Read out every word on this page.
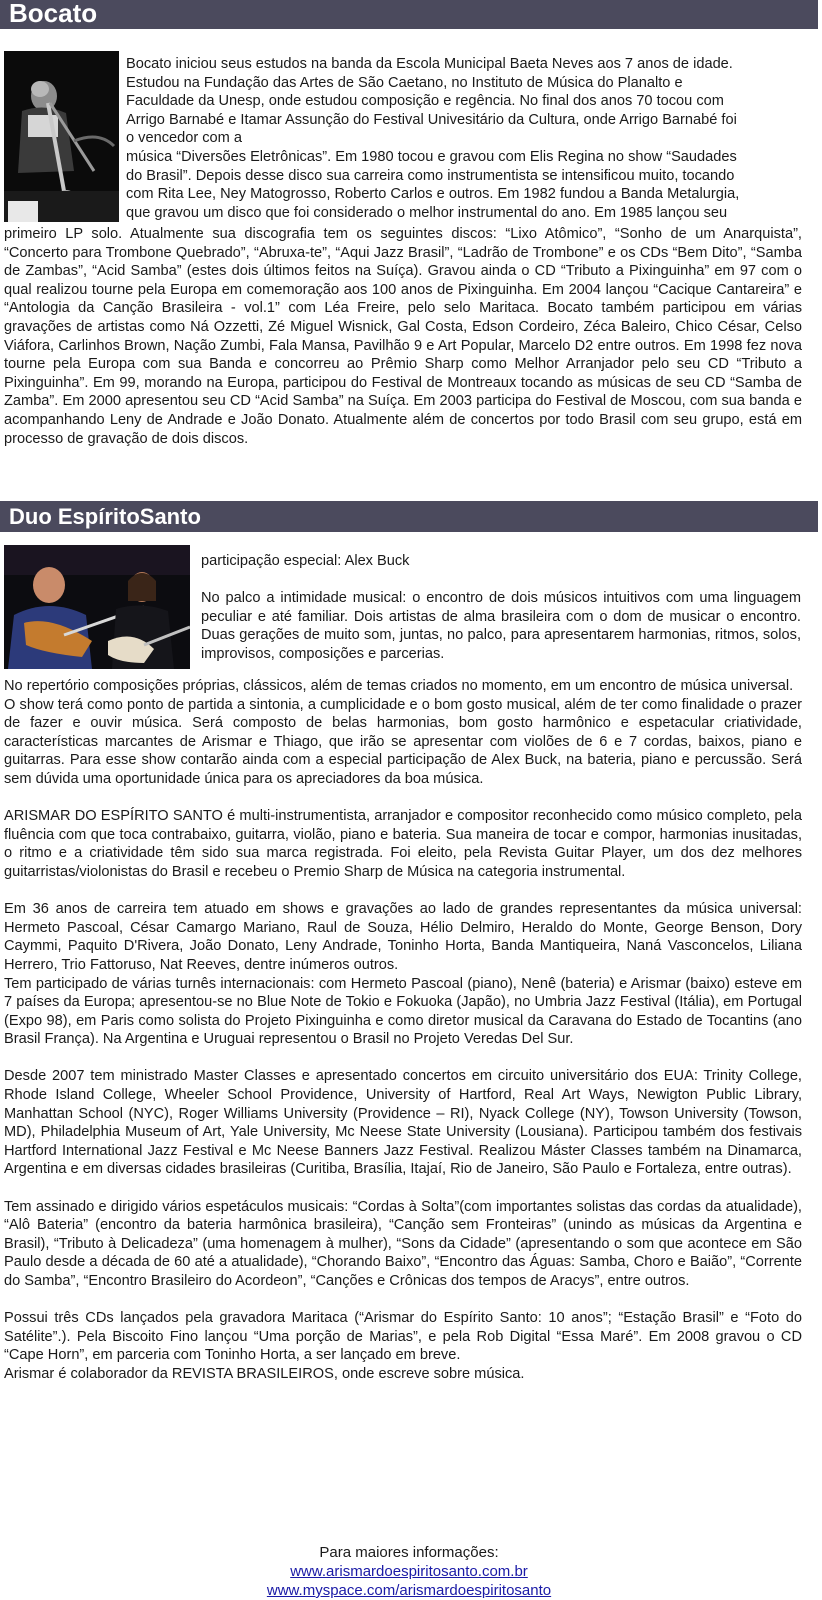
Bocato
Bocato iniciou seus estudos na banda da Escola Municipal Baeta Neves aos 7 anos de idade.
Estudou na Fundação das Artes de São Caetano, no Instituto de Música do Planalto e
Faculdade da Unesp, onde estudou composição e regência. No final dos anos 70 tocou com
Arrigo Barnabé e Itamar Assunção do Festival Univesitário da Cultura, onde Arrigo Barnabé foi
o vencedor com a
música “Diversões Eletrônicas”. Em 1980 tocou e gravou com Elis Regina no show “Saudades
do Brasil”. Depois desse disco sua carreira como instrumentista se intensificou muito, tocando
com Rita Lee, Ney Matogrosso, Roberto Carlos e outros. Em 1982 fundou a Banda Metalurgia,
que gravou um disco que foi considerado o melhor instrumental do ano. Em 1985 lançou seu

primeiro LP solo. Atualmente sua discografia tem os seguintes discos: “Lixo Atômico”, “Sonho de um Anarquista”, “Concerto para Trombone Quebrado”, “Abruxa-te”, “Aqui Jazz Brasil”, “Ladrão de Trombone” e os CDs “Bem Dito”, “Samba de Zambas”, “Acid Samba” (estes dois últimos feitos na Suíça). Gravou ainda o CD “Tributo a Pixinguinha” em 97 com o qual realizou tourne pela Europa em comemoração aos 100 anos de Pixinguinha. Em 2004 lançou “Cacique Cantareira” e “Antologia da Canção Brasileira - vol.1” com Léa Freire, pelo selo Maritaca. Bocato também participou em várias gravações de artistas como Ná Ozzetti, Zé Miguel Wisnick, Gal Costa, Edson Cordeiro, Zéca Baleiro, Chico César, Celso Viáfora, Carlinhos Brown, Nação Zumbi, Fala Mansa, Pavilhão 9 e Art Popular, Marcelo D2 entre outros. Em 1998 fez nova tourne pela Europa com sua Banda e concorreu ao Prêmio Sharp como Melhor Arranjador pelo seu CD “Tributo a Pixinguinha”. Em 99, morando na Europa, participou do Festival de Montreaux tocando as músicas de seu CD “Samba de Zamba”. Em 2000 apresentou seu CD “Acid Samba” na Suíça. Em 2003 participa do Festival de Moscou, com sua banda e acompanhando Leny de Andrade e João Donato. Atualmente além de concertos por todo Brasil com seu grupo, está em processo de gravação de dois discos.

Duo EspíritoSanto
participação especial: Alex Buck

No palco a intimidade musical: o encontro de dois músicos intuitivos com uma linguagem peculiar e até familiar. Dois artistas de alma brasileira com o dom de musicar o encontro. Duas gerações de muito som, juntas, no palco, para apresentarem harmonias, ritmos, solos, improvisos, composições e parcerias.

No repertório composições próprias, clássicos, além de temas criados no momento, em um encontro de música universal.

O show terá como ponto de partida a sintonia, a cumplicidade e o bom gosto musical, além de ter como finalidade o prazer de fazer e ouvir música. Será composto de belas harmonias, bom gosto harmônico e espetacular criatividade, características marcantes de Arismar e Thiago, que irão se apresentar com violões de 6 e 7 cordas, baixos, piano e guitarras. Para esse show contarão ainda com a especial participação de Alex Buck, na bateria, piano e percussão. Será sem dúvida uma oportunidade única para os apreciadores da boa música.

ARISMAR DO ESPÍRITO SANTO é multi-instrumentista, arranjador e compositor reconhecido como músico completo, pela fluência com que toca contrabaixo, guitarra, violão, piano e bateria. Sua maneira de tocar e compor, harmonias inusitadas, o ritmo e a criatividade têm sido sua marca registrada. Foi eleito, pela Revista Guitar Player, um dos dez melhores guitarristas/violonistas do Brasil e recebeu o Premio Sharp de Música na categoria instrumental.

Em 36 anos de carreira tem atuado em shows e gravações ao lado de grandes representantes da música universal: Hermeto Pascoal, César Camargo Mariano, Raul de Souza, Hélio Delmiro, Heraldo do Monte, George Benson, Dory Caymmi, Paquito D'Rivera, João Donato, Leny Andrade, Toninho Horta, Banda Mantiqueira, Naná Vasconcelos, Liliana Herrero, Trio Fattoruso, Nat Reeves, dentre inúmeros outros.

Tem participado de várias turnês internacionais: com Hermeto Pascoal (piano), Nenê (bateria) e Arismar (baixo) esteve em 7 países da Europa; apresentou-se no Blue Note de Tokio e Fokuoka (Japão), no Umbria Jazz Festival (Itália), em Portugal (Expo 98), em Paris como solista do Projeto Pixinguinha e como diretor musical da Caravana do Estado de Tocantins (ano Brasil França). Na Argentina e Uruguai representou o Brasil no Projeto Veredas Del Sur.

Desde 2007 tem ministrado Master Classes e apresentado concertos em circuito universitário dos EUA: Trinity College, Rhode Island College, Wheeler School Providence, University of Hartford, Real Art Ways, Newigton Public Library, Manhattan School (NYC), Roger Williams University (Providence – RI), Nyack College (NY), Towson University (Towson, MD), Philadelphia Museum of Art, Yale University, Mc Neese State University (Lousiana). Participou também dos festivais Hartford International Jazz Festival e Mc Neese Banners Jazz Festival. Realizou Máster Classes também na Dinamarca, Argentina e em diversas cidades brasileiras (Curitiba, Brasília, Itajaí, Rio de Janeiro, São Paulo e Fortaleza, entre outras).

Tem assinado e dirigido vários espetáculos musicais: “Cordas à Solta”(com importantes solistas das cordas da atualidade), “Alô Bateria” (encontro da bateria harmônica brasileira), “Canção sem Fronteiras” (unindo as músicas da Argentina e Brasil), “Tributo à Delicadeza” (uma homenagem à mulher), “Sons da Cidade” (apresentando o som que acontece em São Paulo desde a década de 60 até a atualidade), “Chorando Baixo”, “Encontro das Águas: Samba, Choro e Baião”, “Corrente do Samba”, “Encontro Brasileiro do Acordeon”, “Canções e Crônicas dos tempos de Aracys”, entre outros.

Possui três CDs lançados pela gravadora Maritaca (“Arismar do Espírito Santo: 10 anos”; “Estação Brasil” e “Foto do Satélite”.). Pela Biscoito Fino lançou “Uma porção de Marias”, e pela Rob Digital “Essa Maré”. Em 2008 gravou o CD “Cape Horn”, em parceria com Toninho Horta, a ser lançado em breve.

Arismar é colaborador da REVISTA BRASILEIROS, onde escreve sobre música.

Para maiores informações:
www.arismardoespiritosanto.com.br
www.myspace.com/arismardoespiritosanto
